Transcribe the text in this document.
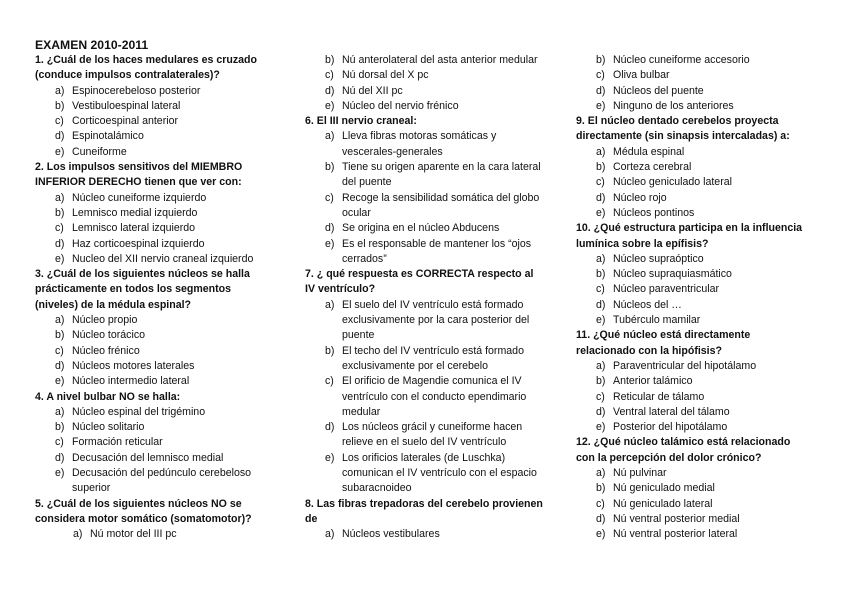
EXAMEN 2010-2011
1. ¿Cuál de los haces medulares es cruzado (conduce impulsos contralaterales)?
a) Espinocerebeloso posterior
b) Vestibuloespinal lateral
c) Corticoespinal anterior
d) Espinotalámico
e) Cuneiforme
2. Los impulsos sensitivos del MIEMBRO INFERIOR DERECHO tienen que ver con:
a) Núcleo cuneiforme izquierdo
b) Lemnisco medial izquierdo
c) Lemnisco lateral izquierdo
d) Haz corticoespinal izquierdo
e) Nucleo del XII nervio craneal izquierdo
3. ¿Cuál de los siguientes núcleos se halla prácticamente en todos los segmentos (niveles) de la médula espinal?
a) Núcleo propio
b) Núcleo torácico
c) Núcleo frénico
d) Núcleos motores laterales
e) Núcleo intermedio lateral
4. A nivel bulbar NO se halla:
a) Núcleo espinal del trigémino
b) Núcleo solitario
c) Formación reticular
d) Decusación del lemnisco medial
e) Decusación del pedúnculo cerebeloso superior
5. ¿Cuál de los siguientes núcleos NO se considera motor somático (somatomotor)?
a) Nú motor del III pc
b) Nú anterolateral del asta anterior medular
c) Nú dorsal del X pc
d) Nú del XII pc
e) Núcleo del nervio frénico
6. El III nervio craneal:
a) Lleva fibras motoras somáticas y vescerales-generales
b) Tiene su origen aparente en la cara lateral del puente
c) Recoge la sensibilidad somática del globo ocular
d) Se origina en el núcleo Abducens
e) Es el responsable de mantener los “ojos cerrados”
7. ¿ qué respuesta es CORRECTA respecto al IV ventrículo?
a) El suelo del IV ventrículo está formado exclusivamente por la cara posterior del puente
b) El techo del IV ventrículo está formado exclusivamente por el cerebelo
c) El orificio de Magendie comunica el IV ventrículo con el conducto ependimario medular
d) Los núcleos grácil y cuneiforme hacen relieve en el suelo del IV ventrículo
e) Los orificios laterales (de Luschka) comunican el IV ventrículo con el espacio subaracnoideo
8. Las fibras trepadoras del cerebelo provienen de
a) Núcleos vestibulares
b) Núcleo cuneiforme accesorio
c) Oliva bulbar
d) Núcleos del puente
e) Ninguno de los anteriores
9. El núcleo dentado cerebelos proyecta directamente (sin sinapsis intercaladas) a:
a) Médula espinal
b) Corteza cerebral
c) Núcleo geniculado lateral
d) Núcleo rojo
e) Núcleos pontinos
10. ¿Qué estructura participa en la influencia lumínica sobre la epífisis?
a) Núcleo supraóptico
b) Núcleo supraquiasmático
c) Núcleo paraventricular
d) Núcleos del …
e) Tubérculo mamilar
11. ¿Qué núcleo está directamente relacionado con la hipófisis?
a) Paraventricular del hipotálamo
b) Anterior talámico
c) Reticular de tálamo
d) Ventral lateral del tálamo
e) Posterior del hipotálamo
12. ¿Qué núcleo talámico está relacionado con la percepción del dolor crónico?
a) Nú pulvinar
b) Nú geniculado medial
c) Nú geniculado lateral
d) Nú ventral posterior medial
e) Nú ventral posterior lateral
